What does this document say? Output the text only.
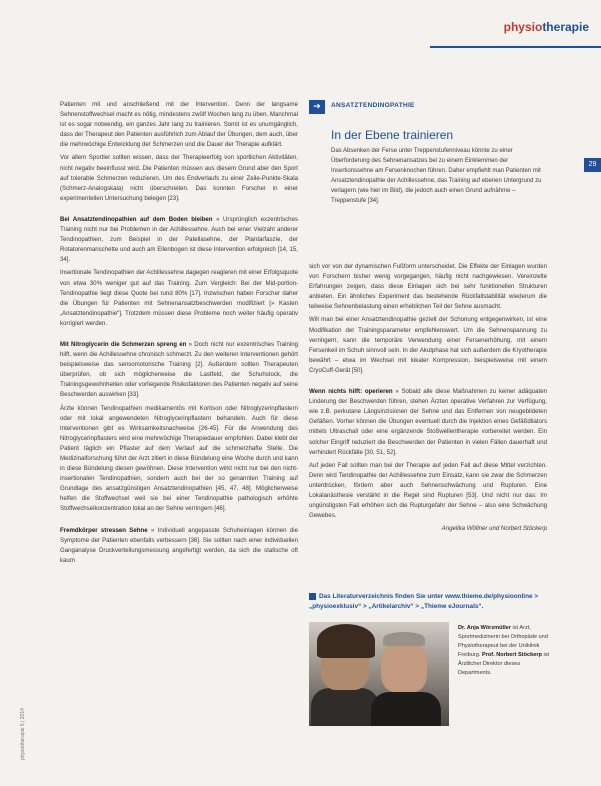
physiotherapie
29
physiotherapie 5 | 2014

Patienten mit und anschließend mit der Intervention. Denn der langsame Sehnenstoffwechsel macht es nötig, mindestens zwölf Wochen lang zu üben. Manchmal ist es sogar notwendig, ein ganzes Jahr lang zu trainieren. Somit ist es unumgänglich, dass der Therapeut den Patienten ausführlich zum Ablauf der Übungen, dem auch, über die mehrwöchige Entwicklung der Schmerzen und die Dauer der Therapie aufklärt.

Vor allem Sportler sollten wissen, dass der Therapieerfolg von sportlichen Aktivitäten, nicht negativ beeinflusst wird. Die Patienten müssen aus diesem Grund aber den Sport auf tolerable Schmerzen reduzieren. Um des Endverlaufs zu einer Zeile-Punkte-Skala (Schmerz-Analogskala) nicht überschreiten. Das konnten Forscher in einer experimentellen Untersuchung belegen [23].

Bei Ansatztendinopathien auf dem Boden bleiben » Ursprünglich exzentrisches Training nicht nur bei Problemen in der Achillessehne. Auch bei einer Vielzahl anderer Tendinopathien, zum Beispiel in der Patellasehne, der Plantarfaszie, der Rotatorenmanschette und auch am Ellenbogen ist diese Intervention erfolgreich [14, 15, 34].

Insertionale Tendinopathien der Achillessehne dagegen reagieren mit einer Erfolgsquote von etwa 30% weniger gut auf das Training. Zum Vergleich: Bei der Mid-portion-Tendinopathie liegt diese Quote bei rund 80% [17]. Inzwischen haben Forscher daher die Übungen für Patienten mit Sehnenansatzbeschwerden modifiziert [» Kasten „Ansatztendinopathie“]. Trotzdem müssen diese Probleme noch weiter häufig operativ korrigiert werden.

Mit Nitroglycerin die Schmerzen spreng en » Doch nicht nur exzentrisches Training hilft, wenn die Achillessehne chronisch schmerzt. Zu den weiteren Interventionen gehört beispielsweise das sensomotorische Training [2]. Außerdem sollten Therapeuten überprüfen, ob sich möglicherweise die Lastfeld, der Schuhstock, die Trainingsgewohnheiten oder vorliegende Risikofaktoren des Patienten negativ auf seine Beschwerden auswirken [33].

Ärzte können Tendinopathien medikamentös mit Kortison oder Nitroglyzerinpflastern oder mit lokal angewendeten Nitroglycerinpflastern behandeln. Auch für diese Interventionen gibt es Wirksamkeitsnachweise [26-45]. Für die Anwendung des Nitroglycerinpflasters wird eine mehrwöchige Therapiedauer empfohlen. Dabei klebt der Patient täglich ein Pflaster auf dem Verlauf auf die schmerzhafte Stelle. Die Medizinalforschung führt der Arzt zitiert in diese Bündelung eine Woche durch und kann in diese Bündelung diesen gewöhnen. Diese Intervention wirkt nicht nur bei den nicht-insertionalen Tendinopathien, sondern auch bei der so genannten Training auf Grundlage des ansatzgünstigen Ansatztendinopathien [45, 47, 48]. Möglicherweise helfen die Stoffwechsel weil sie bei einer Tendinopathie pathologisch erhöhte Stoffwechselkonzentration lokal an der Sehne verringern [46].

Fremdkörper stressen Sehne » Individuell angepasste Schuheinlagen können die Symptome der Patienten ebenfalls verbessern [36]. Sie sollten nach einer individuellen Ganganalyse Druckverteilungsmessung angefertigt werden, da sich die statische oft kaum

➔	ANSATZTENDINOPATHIE
In der Ebene trainieren
Das Absenken der Ferse unter Treppenstufenniveau könnte zu einer Überforderung des Sehnenansatzes bei zu einem Einklemmen der Insertionssehne am Fersenknochen führen. Daher empfiehlt man Patienten mit Ansatztendinopathie der Achillessehne, das Training auf ebenen Untergrund zu verlagern (wie hier im Bild), die jedoch auch einen Grund aufnähme – Treppenstufe [34].

sich vor von der dynamischen Fußform unterscheidet. Die Effekte der Einlagen wurden von Forschern bisher wenig vorgegangen, häufig nicht nachgewiesen. Vereinzelte Erfahrungen zeigen, dass diese Einlagen sich bei sehr funktionellen Strukturen anbieten. Ein ähnliches Experiment das bestehende Rückfallstabilität wiederum die teilweise Sehnenbelastung einen erheblichen Teil der Sehne ausmacht.

Will man bei einer Ansatztendinopathie gezielt der Schonung entgegenwirken, ist eine Modifikation der Trainingsparameter empfehlenswert. Um die Sehnenspannung zu verringern, kann die temporäre Verwendung einer Fersenerhöhung, mit einem Fersenkeil im Schuh sinnvoll sein. In der Akutphase hat sich außerdem die Kryotherapie bewährt – etwa im Wechsel mit lokaler Kompression, beispielsweise mit einem CryoCuff-Gerät [50].

Wenn nichts hilft: operieren » Sobald alle diese Maßnahmen zu keiner adäquaten Linderung der Beschwerden führen, stehen Ärzten operative Verfahren zur Verfügung, wie z.B. perkutane Längsinzisionen der Sehne und das Entfernen von neugebildeten Gefäßen. Vorher können die Übungen eventuell durch die Injektion eines Gefäßdilators mittels Ultraschall oder eine ergänzende Stoßwellentherapie vorbereitet werden. Ein solcher Eingriff reduziert die Beschwerden der Patienten in vielen Fällen dauerhaft und verhindert Rückfälle [30, 51, 52].

Auf jeden Fall sollten man bei der Therapie auf jeden Fall auf diese Mittel verzichten. Denn wird Tendinopathie der Achillessehne zum Einsatz, kann sie zwar die Schmerzen unterdrücken, fördern aber auch Sehnenschwächung und Rupturen. Eine Lokalanästhesie verstärkt in die Regel sind Rupturen [53]. Und nicht nur das: Im ungünstigsten Fall erhöhen sich die Rupturgefahr der Sehne – also eine Schwächung Gewebes.

Angelika Wöllner und Norbert Stöckerp

Das Literaturverzeichnis finden Sie unter www.thieme.de/physioonline > „physioexklusiv“ > „Artikelarchiv“ > „Thieme eJournals“.
Dr. Anja Wörzmüller ist Arzt, Sportmedizinerin bei Orthopäde und Physiotherapeut bei der Uniklinik Freiburg. Prof. Norbert Stöckerp ist Ärztlicher Direktor dieses Departments.
